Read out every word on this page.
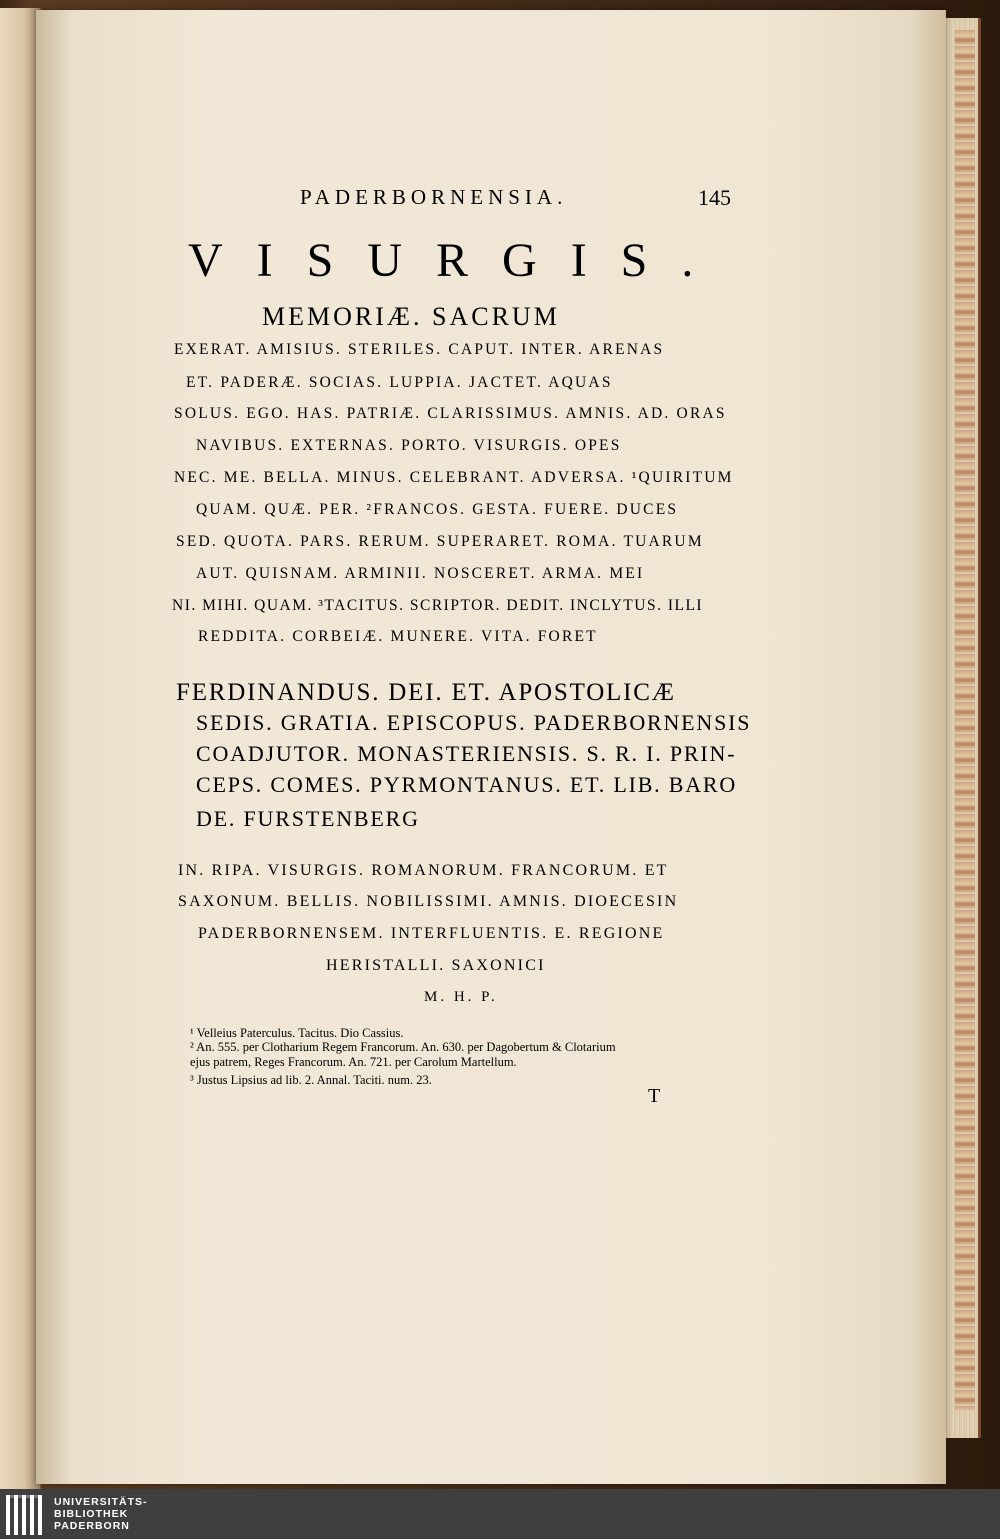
PADERBORNENSIA.	145
VISURGIS.
MEMORIÆ. SACRUM
EXERAT. AMISIUS. STERILES. CAPUT. INTER. ARENAS
ET. PADERÆ. SOCIAS. LUPPIA. JACTET. AQUAS
SOLUS. EGO. HAS. PATRIÆ. CLARISSIMUS. AMNIS. AD. ORAS
NAVIBUS. EXTERNAS. PORTO. VISURGIS. OPES
NEC. ME. BELLA. MINUS. CELEBRANT. ADVERSA. ¹QUIRITUM
QUAM. QUÆ. PER. ²FRANCOS. GESTA. FUERE. DUCES
SED. QUOTA. PARS. RERUM. SUPERARET. ROMA. TUARUM
AUT. QUISNAM. ARMINII. NOSCERET. ARMA. MEI
NI. MIHI. QUAM. ³TACITUS. SCRIPTOR. DEDIT. INCLYTUS. ILLI
REDDITA. CORBEIÆ. MUNERE. VITA. FORET
FERDINANDUS. DEI. ET. APOSTOLICÆ
SEDIS. GRATIA. EPISCOPUS. PADERBORNENSIS
COADJUTOR. MONASTERIENSIS. S. R. I. PRIN-
CEPS. COMES. PYRMONTANUS. ET. LIB. BARO
DE. FURSTENBERG
IN. RIPA. VISURGIS. ROMANORUM. FRANCORUM. ET
SAXONUM. BELLIS. NOBILISSIMI. AMNIS. DIOECESIN
PADERBORNENSEM. INTERFLUENTIS. E. REGIONE
HERISTALLI. SAXONICI
M. H. P.
¹ Velleius Paterculus. Tacitus. Dio Cassius.
² An. 555. per Clotharium Regem Francorum. An. 630. per Dagobertum & Clotarium
ejus patrem, Reges Francorum. An. 721. per Carolum Martellum.
³ Justus Lipsius ad lib. 2. Annal. Taciti. num. 23.
T
UNIVERSITÄTS-
BIBLIOTHEK
PADERBORN
